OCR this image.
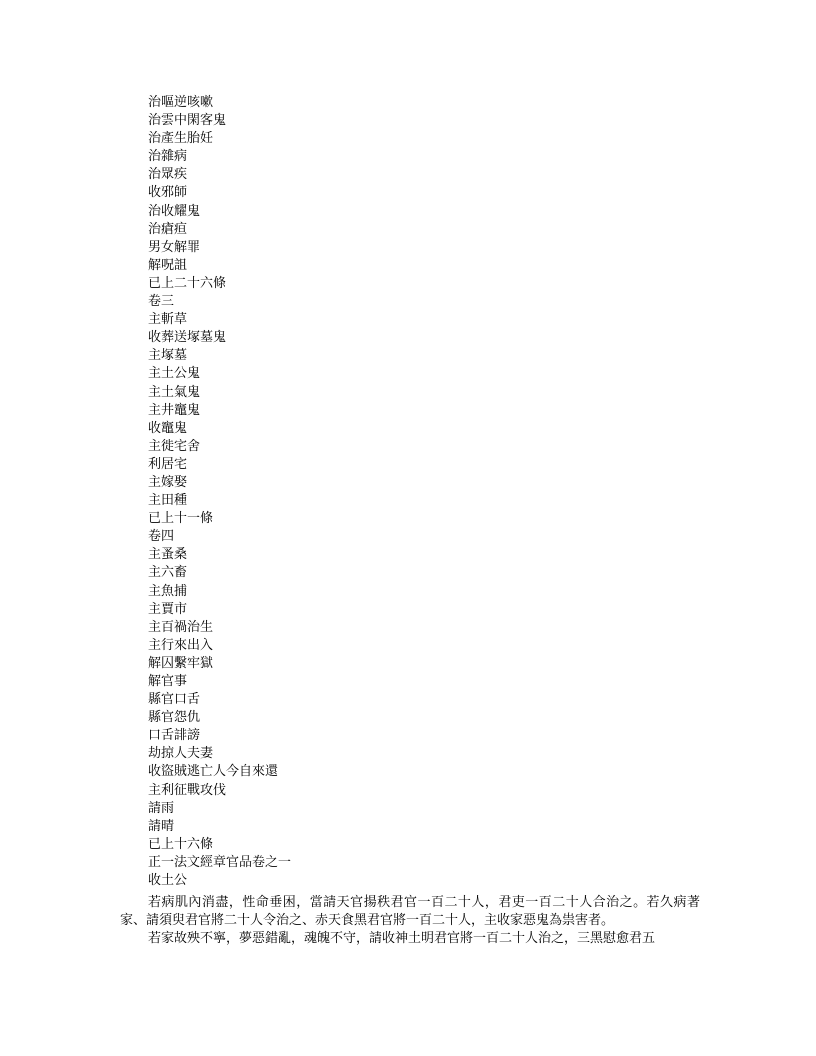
治嘔逆咳嗽
治雲中閑客鬼
治產生胎妊
治雜病
治眾疾
收邪師
治收耀鬼
治瘡疸
男女解罪
解呪詛
已上二十六條
卷三
主斬草
收葬送塚墓鬼
主塚墓
主土公鬼
主土氣鬼
主井竈鬼
收竈鬼
主徙宅舍
利居宅
主嫁娶
主田種
已上十一條
卷四
主蚤桑
主六畜
主魚捕
主賈市
主百禍治生
主行來出入
解囚繫牢獄
解官事
縣官口舌
縣官怨仇
口舌誹謗
劫掠人夫妻
收盜賊逃亡人今自來還
主利征戰攻伐
請雨
請晴
已上十六條
正一法文經章官品卷之一
收土公

若病肌內消盡，性命垂困，當請天官揚秩君官一百二十人，君吏一百二十人合治之。若久病著家、請須臾君官將二十人令治之、赤天食黑君官將一百二十人，主收家惡鬼為祟害者。

若家故殃不寧，夢惡錯亂，魂魄不守，請收神土明君官將一百二十人治之，三黑慰愈君五
